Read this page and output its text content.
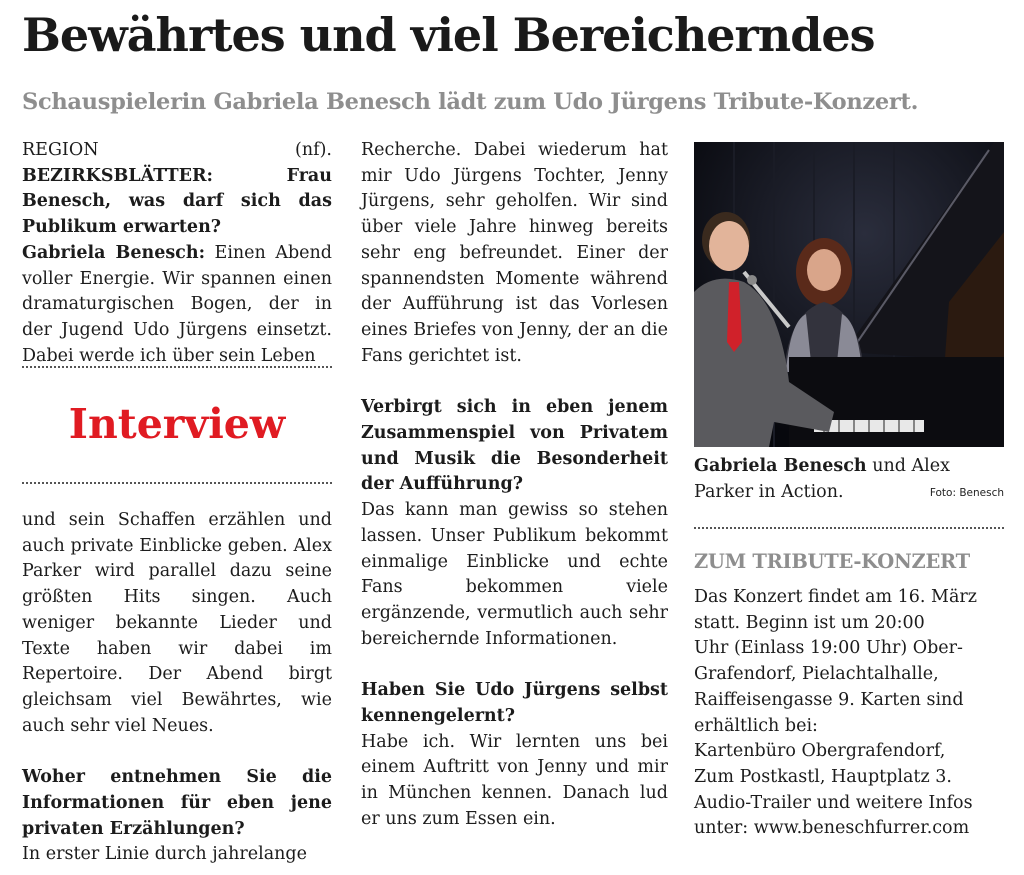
Bewährtes und viel Bereicherndes
Schauspielerin Gabriela Benesch lädt zum Udo Jürgens Tribute-Konzert.

REGION (nf). BEZIRKSBLÄTTER: Frau Benesch, was darf sich das Publikum erwarten?
Gabriela Benesch: Einen Abend voller Energie. Wir spannen einen dramaturgischen Bogen, der in der Jugend Udo Jürgens einsetzt. Dabei werde ich über sein Leben

Interview

und sein Schaffen erzählen und auch private Einblicke geben. Alex Parker wird parallel dazu seine größten Hits singen. Auch weniger bekannte Lieder und Texte haben wir dabei im Repertoire. Der Abend birgt gleichsam viel Bewährtes, wie auch sehr viel Neues.

Woher entnehmen Sie die Informationen für eben jene privaten Erzählungen?

In erster Linie durch jahrelange

Recherche. Dabei wiederum hat mir Udo Jürgens Tochter, Jenny Jürgens, sehr geholfen. Wir sind über viele Jahre hinweg bereits sehr eng befreundet. Einer der spannendsten Momente während der Aufführung ist das Vorlesen eines Briefes von Jenny, der an die Fans gerichtet ist.

Verbirgt sich in eben jenem Zusammenspiel von Privatem und Musik die Besonderheit der Aufführung?

Das kann man gewiss so stehen lassen. Unser Publikum bekommt einmalige Einblicke und echte Fans bekommen viele ergänzende, vermutlich auch sehr bereichernde Informationen.

Haben Sie Udo Jürgens selbst kennengelernt?

Habe ich. Wir lernten uns bei einem Auftritt von Jenny und mir in München kennen. Danach lud er uns zum Essen ein.

Gabriela Benesch und Alex Parker in Action.	Foto: Benesch
ZUM TRIBUTE-KONZERT
Das Konzert findet am 16. März
statt. Beginn ist um 20:00
Uhr (Einlass 19:00 Uhr) Ober-
Grafendorf, Pielachtalhalle,
Raiffeisengasse 9. Karten sind
erhältlich bei:
Kartenbüro Obergrafendorf,
Zum Postkastl, Hauptplatz 3.
Audio-Trailer und weitere Infos
unter: www.beneschfurrer.com
